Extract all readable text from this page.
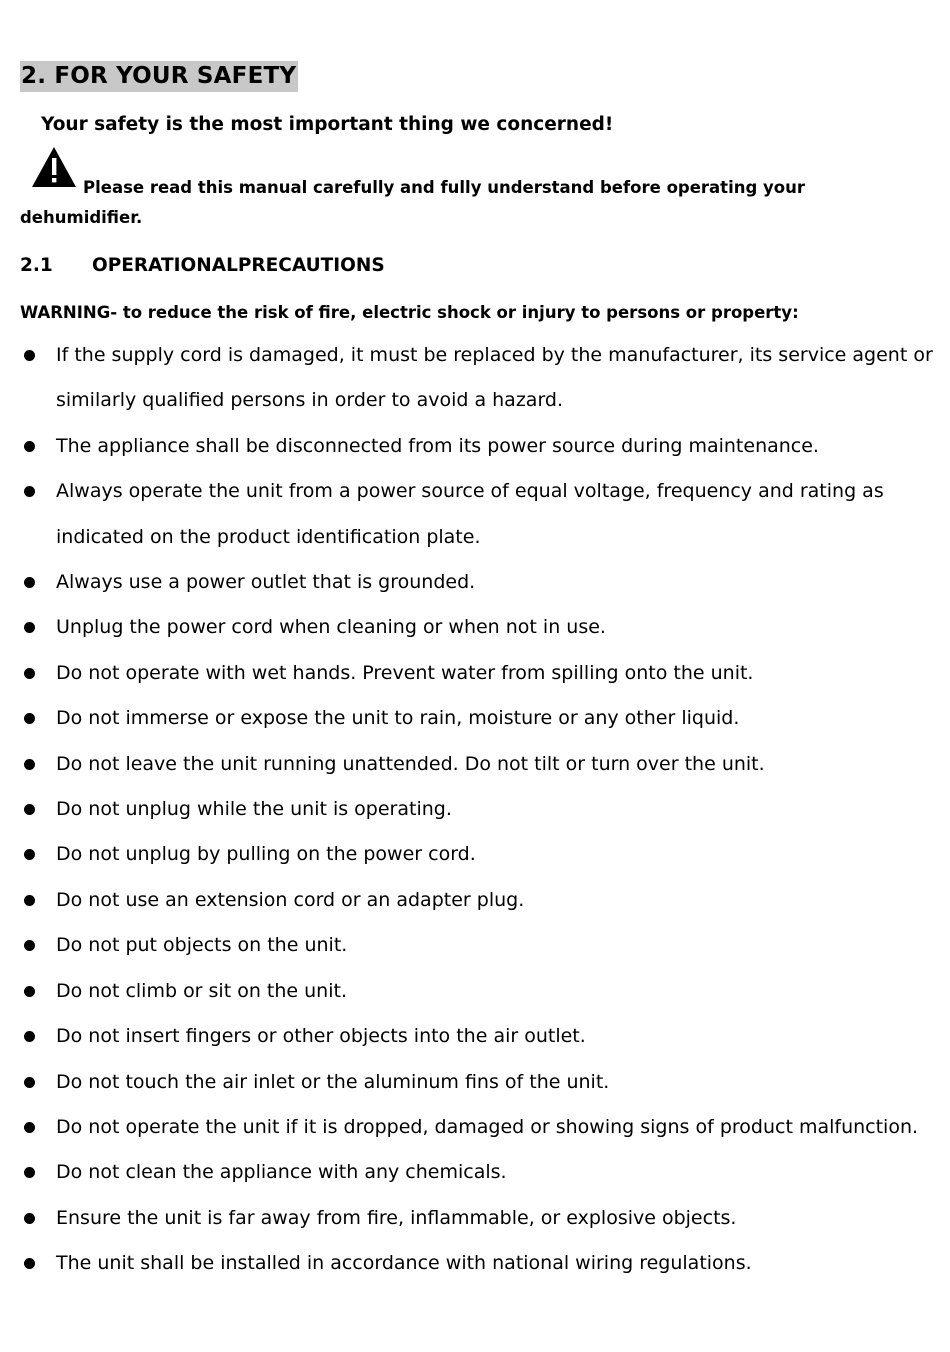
2. FOR YOUR SAFETY
Your safety is the most important thing we concerned!
Please read this manual carefully and fully understand before operating your
dehumidifier.
2.1 OPERATIONALPRECAUTIONS
WARNING- to reduce the risk of fire, electric shock or injury to persons or property:
If the supply cord is damaged, it must be replaced by the manufacturer, its service agent or
similarly qualified persons in order to avoid a hazard.
The appliance shall be disconnected from its power source during maintenance.
Always operate the unit from a power source of equal voltage, frequency and rating as
indicated on the product identification plate.
Always use a power outlet that is grounded.
Unplug the power cord when cleaning or when not in use.
Do not operate with wet hands. Prevent water from spilling onto the unit.
Do not immerse or expose the unit to rain, moisture or any other liquid.
Do not leave the unit running unattended. Do not tilt or turn over the unit.
Do not unplug while the unit is operating.
Do not unplug by pulling on the power cord.
Do not use an extension cord or an adapter plug.
Do not put objects on the unit.
Do not climb or sit on the unit.
Do not insert fingers or other objects into the air outlet.
Do not touch the air inlet or the aluminum fins of the unit.
Do not operate the unit if it is dropped, damaged or showing signs of product malfunction.
Do not clean the appliance with any chemicals.
Ensure the unit is far away from fire, inflammable, or explosive objects.
The unit shall be installed in accordance with national wiring regulations.
